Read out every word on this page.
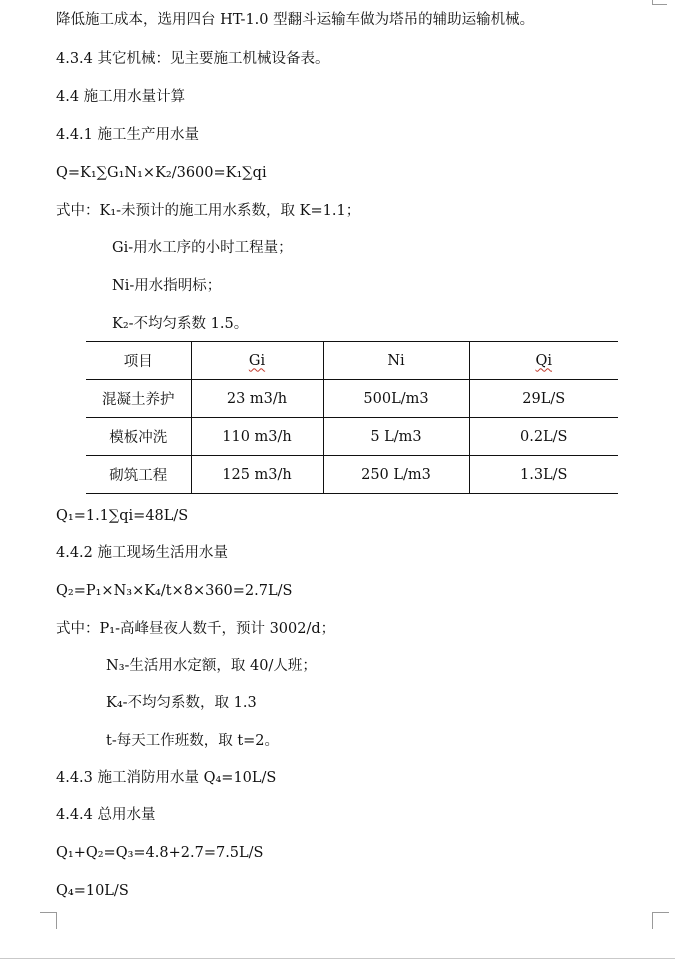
降低施工成本，选用四台 HT-1.0 型翻斗运输车做为塔吊的辅助运输机械。
4.3.4 其它机械：见主要施工机械设备表。
4.4 施工用水量计算
4.4.1 施工生产用水量
Q=K₁∑G₁N₁×K₂/3600=K₁∑qi
式中：K₁-未预计的施工用水系数，取 K=1.1；
Gi-用水工序的小时工程量；
Ni-用水指明标；
K₂-不均匀系数 1.5。
项目	Gi	Ni	Qi
混凝土养护	23 m3/h	500L/m3	29L/S
模板冲洗	110 m3/h	5 L/m3	0.2L/S
砌筑工程	125 m3/h	250 L/m3	1.3L/S
Q₁=1.1∑qi=48L/S
4.4.2 施工现场生活用水量
Q₂=P₁×N₃×K₄/t×8×360=2.7L/S
式中：P₁-高峰昼夜人数千，预计 3002/d；
N₃-生活用水定额，取 40/人班；
K₄-不均匀系数，取 1.3
t-每天工作班数，取 t=2。
4.4.3 施工消防用水量 Q₄=10L/S
4.4.4 总用水量
Q₁+Q₂=Q₃=4.8+2.7=7.5L/S
Q₄=10L/S
